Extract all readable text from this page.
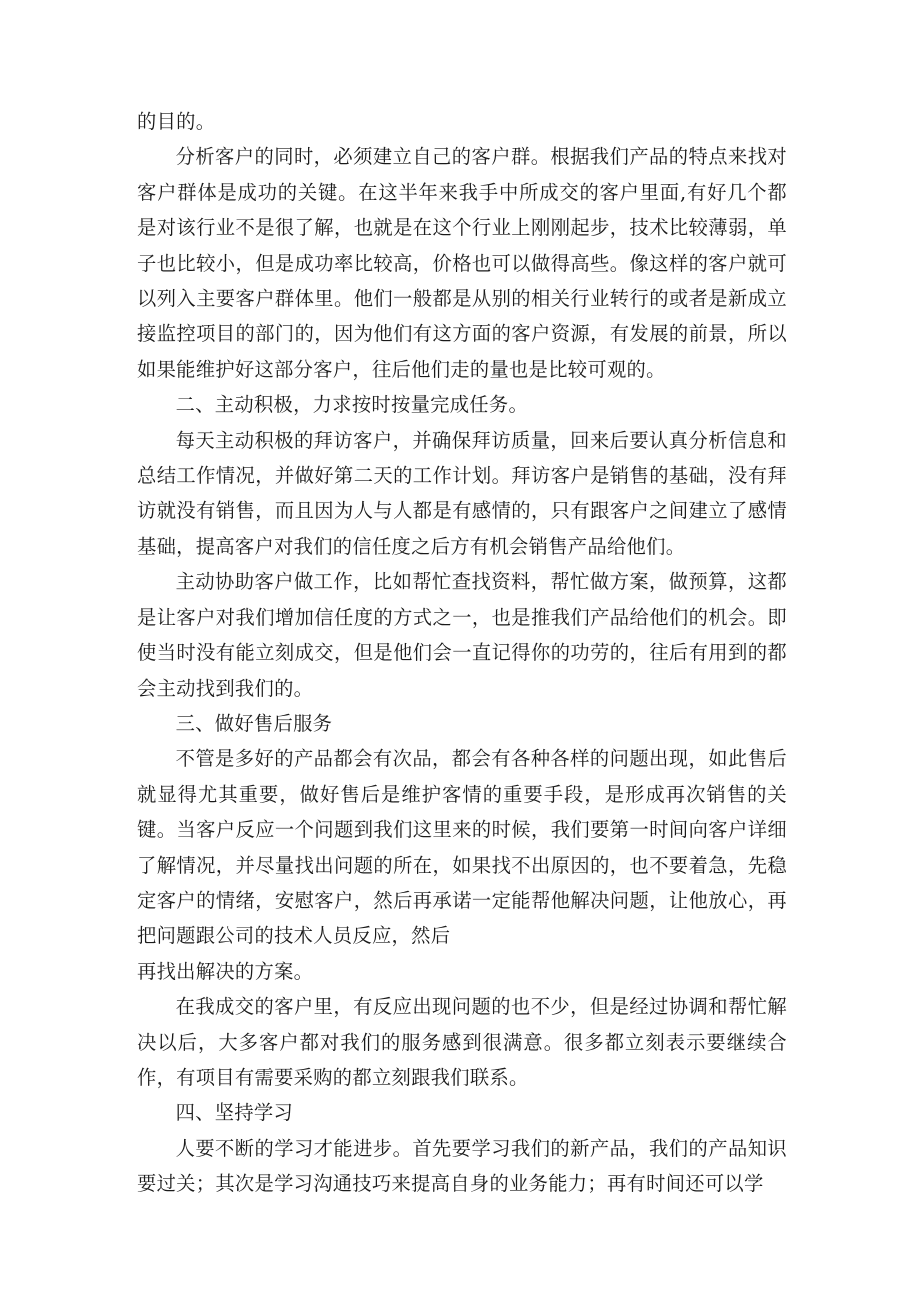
的目的。

分析客户的同时，必须建立自己的客户群。根据我们产品的特点来找对客户群体是成功的关键。在这半年来我手中所成交的客户里面,有好几个都是对该行业不是很了解，也就是在这个行业上刚刚起步，技术比较薄弱，单子也比较小，但是成功率比较高，价格也可以做得高些。像这样的客户就可以列入主要客户群体里。他们一般都是从别的相关行业转行的或者是新成立接监控项目的部门的，因为他们有这方面的客户资源，有发展的前景，所以如果能维护好这部分客户，往后他们走的量也是比较可观的。

二、主动积极，力求按时按量完成任务。

每天主动积极的拜访客户，并确保拜访质量，回来后要认真分析信息和总结工作情况，并做好第二天的工作计划。拜访客户是销售的基础，没有拜访就没有销售，而且因为人与人都是有感情的，只有跟客户之间建立了感情基础，提高客户对我们的信任度之后方有机会销售产品给他们。

主动协助客户做工作，比如帮忙查找资料，帮忙做方案，做预算，这都是让客户对我们增加信任度的方式之一，也是推我们产品给他们的机会。即使当时没有能立刻成交，但是他们会一直记得你的功劳的，往后有用到的都会主动找到我们的。

三、做好售后服务

不管是多好的产品都会有次品，都会有各种各样的问题出现，如此售后就显得尤其重要，做好售后是维护客情的重要手段，是形成再次销售的关键。当客户反应一个问题到我们这里来的时候，我们要第一时间向客户详细了解情况，并尽量找出问题的所在，如果找不出原因的，也不要着急，先稳定客户的情绪，安慰客户，然后再承诺一定能帮他解决问题，让他放心，再把问题跟公司的技术人员反应，然后

再找出解决的方案。

在我成交的客户里，有反应出现问题的也不少，但是经过协调和帮忙解决以后，大多客户都对我们的服务感到很满意。很多都立刻表示要继续合作，有项目有需要采购的都立刻跟我们联系。

四、坚持学习

人要不断的学习才能进步。首先要学习我们的新产品，我们的产品知识要过关；其次是学习沟通技巧来提高自身的业务能力；再有时间还可以学
